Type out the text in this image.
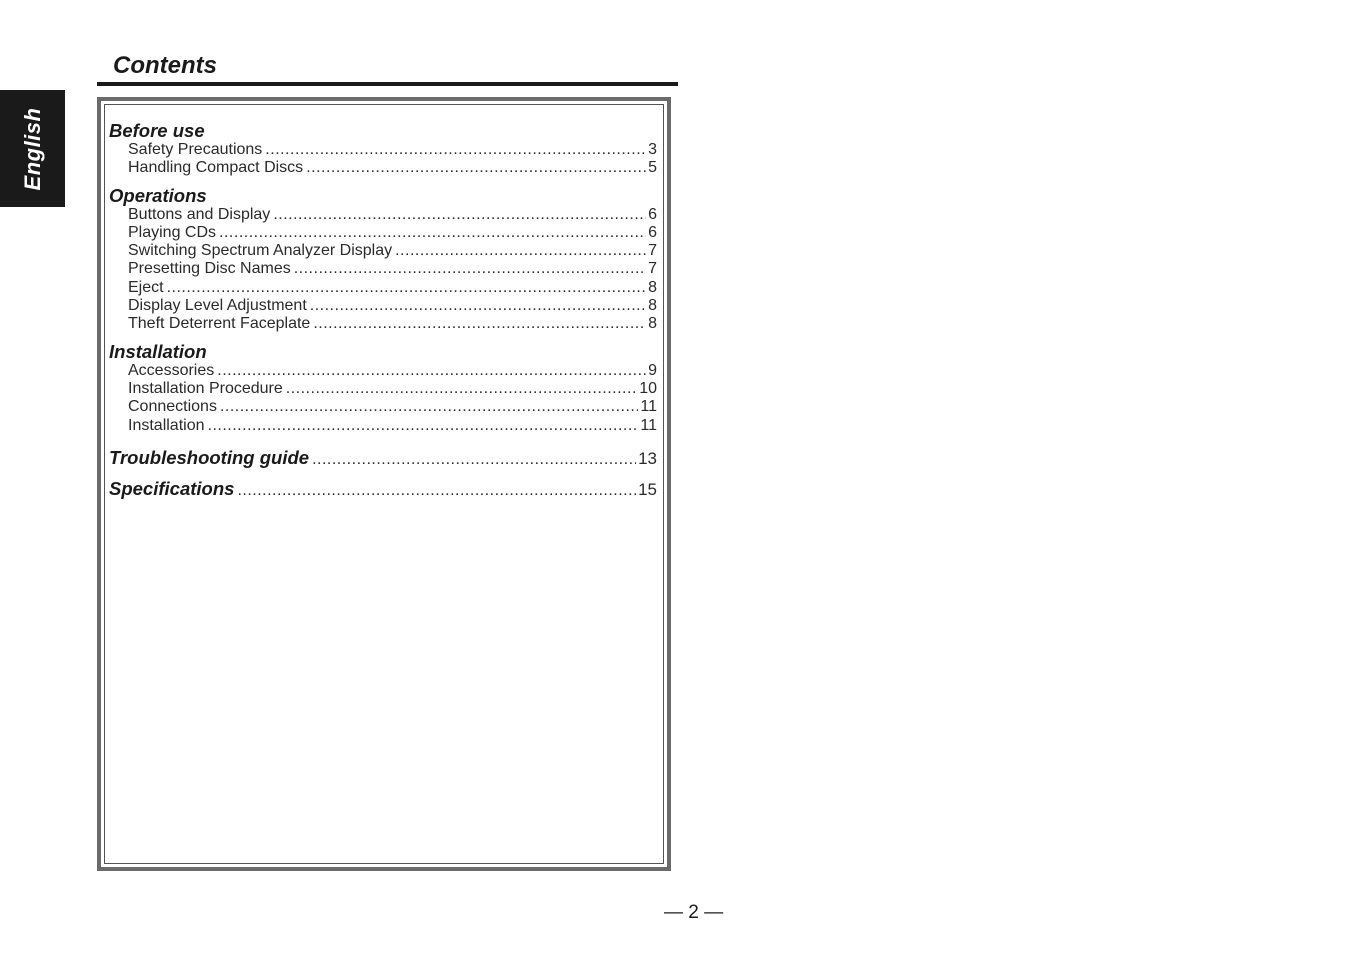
English
Contents
Before use
Safety Precautions .....	3
Handling Compact Discs .....	5
Operations
Buttons and Display .....	6
Playing CDs .....	6
Switching Spectrum Analyzer Display .....	7
Presetting Disc Names .....	7
Eject .....	8
Display Level Adjustment .....	8
Theft Deterrent Faceplate .....	8
Installation
Accessories .....	9
Installation Procedure .....	10
Connections .....	11
Installation .....	11
Troubleshooting guide .....	13
Specifications .....	15
— 2 —
